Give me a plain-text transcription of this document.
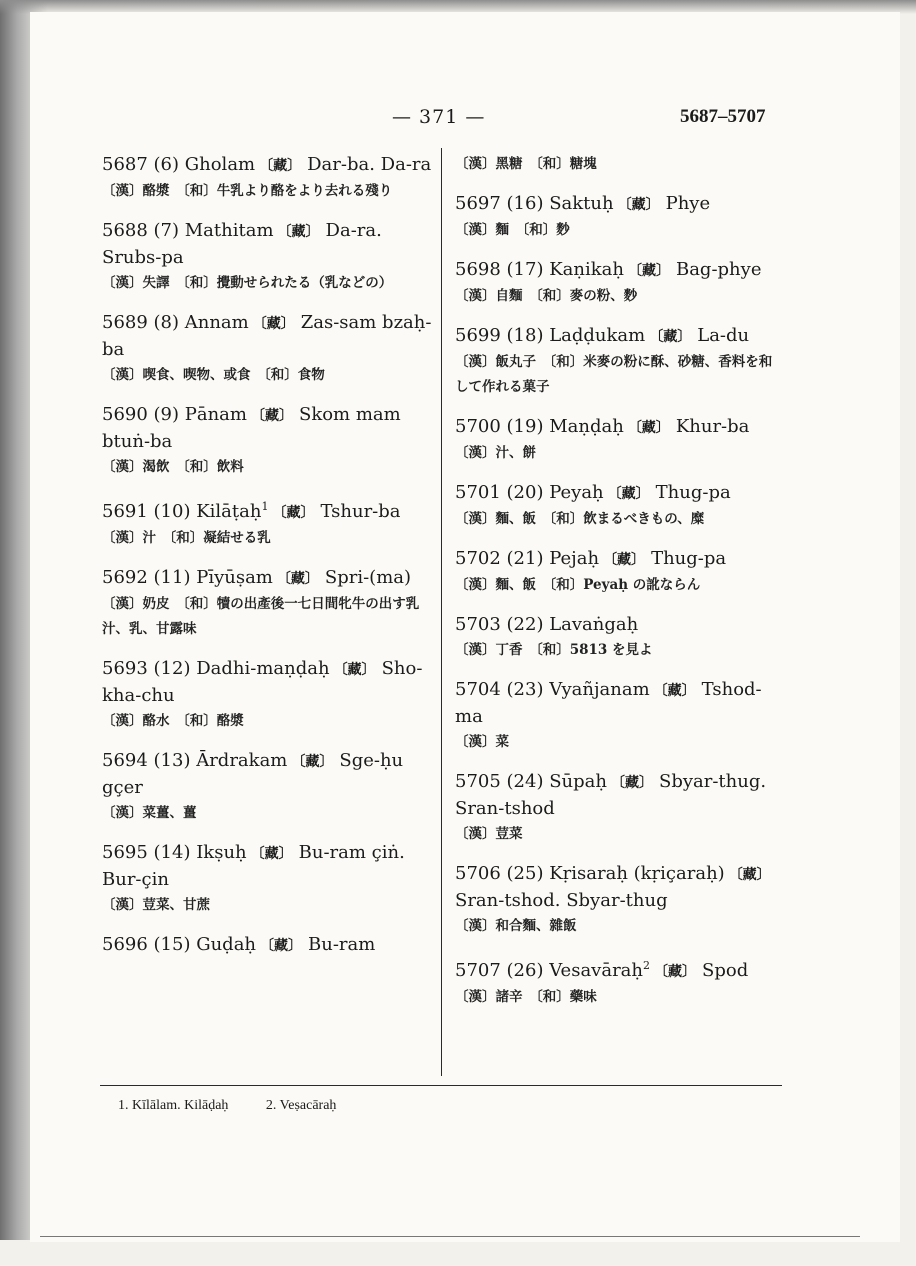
— 371 —	5687–5707
5687 (6) Gholam 〔藏〕 Dar-ba. Da-ra
〔漢〕酪漿　〔和〕牛乳より酪をより去れる殘り
5688 (7) Mathitam 〔藏〕 Da-ra. Srubs-pa
〔漢〕失譯　〔和〕攪動せられたる（乳などの）
5689 (8) Annam 〔藏〕 Zas-sam bzaḥ-ba
〔漢〕喫食、喫物、或食　〔和〕食物
5690 (9) Pānam 〔藏〕 Skom mam btuṅ-ba
〔漢〕渴飲　〔和〕飲料
5691 (10) Kilāṭaḥ$^1$ 〔藏〕 Tshur-ba
〔漢〕汁　〔和〕凝結せる乳
5692 (11) Pīyūṣam 〔藏〕 Spri-(ma)
〔漢〕奶皮　〔和〕犢の出產後一七日間牝牛の出す乳汁、乳、甘露味
5693 (12) Dadhi-maṇḍaḥ 〔藏〕 Sho-kha-chu
〔漢〕酪水　〔和〕酪漿
5694 (13) Ārdrakam 〔藏〕 Sge-ḥu gçer
〔漢〕菜薑、薑
5695 (14) Ikṣuḥ 〔藏〕 Bu-ram çiṅ. Bur-çin
〔漢〕荳菜、甘蔗
5696 (15) Guḍaḥ 〔藏〕 Bu-ram
〔漢〕黑糖　〔和〕糖塊
5697 (16) Saktuḥ 〔藏〕 Phye
〔漢〕麵　〔和〕麨
5698 (17) Kaṇikaḥ 〔藏〕 Bag-phye
〔漢〕自麵　〔和〕麥の粉、麨
5699 (18) Laḍḍukam 〔藏〕 La-du
〔漢〕飯丸子　〔和〕米麥の粉に酥、砂糖、香料を和して作れる菓子
5700 (19) Maṇḍaḥ 〔藏〕 Khur-ba
〔漢〕汁、餅
5701 (20) Peyaḥ 〔藏〕 Thug-pa
〔漢〕麵、飯　〔和〕飲まるべきもの、糜
5702 (21) Pejaḥ 〔藏〕 Thug-pa
〔漢〕麵、飯　〔和〕Peyaḥ の訛ならん
5703 (22) Lavaṅgaḥ
〔漢〕丁香　〔和〕5813 を見よ
5704 (23) Vyañjanam 〔藏〕 Tshod-ma
〔漢〕菜
5705 (24) Sūpaḥ 〔藏〕 Sbyar-thug. Sran-tshod
〔漢〕荳菜
5706 (25) Kṛisaraḥ (kṛiçaraḥ) 〔藏〕Sran-tshod. Sbyar-thug
〔漢〕和合麵、雜飯
5707 (26) Vesavāraḥ$^2$ 〔藏〕 Spod
〔漢〕諸辛　〔和〕藥味
1. Kīlālam. Kilāḍaḥ	2. Veṣacāraḥ
